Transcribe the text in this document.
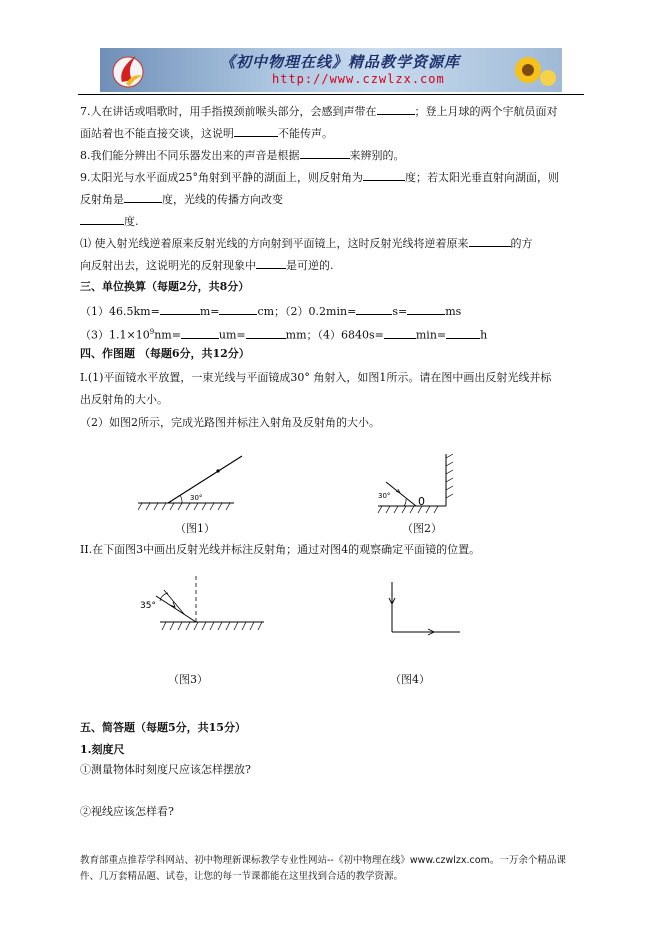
《初中物理在线》精品教学资源库
http://www.czwlzx.com
7.人在讲话或唱歌时，用手指摸颈前喉头部分，会感到声带在	；登上月球的两个宇航员面对
面站着也不能直接交谈，这说明	不能传声。
8.我们能分辨出不同乐器发出来的声音是根据	来辨别的。
9.太阳光与水平面成25°角射到平静的湖面上，则反射角为	度；若太阳光垂直射向湖面，则
反射角是	度，光线的传播方向改变
度.
⑴ 使入射光线逆着原来反射光线的方向射到平面镜上，这时反射光线将逆着原来	的方
向反射出去，这说明光的反射现象中	是可逆的.
三、单位换算（每题2分，共8分）
（1）46.5km=	m=	cm；（2）0.2min=	s=	ms
$(3)1.1\times 10^9nm=$	um=	mm；（4）6840s=	min=	h
四、作图题 （每题6分，共12分）
I.(1)平面镜水平放置，一束光线与平面镜成30° 角射入，如图1所示。请在图中画出反射光线并标
出反射角的大小。
（2）如图2所示，完成光路图并标注入射角及反射角的大小。
30°
（图1）
0
30°
（图2）
II.在下面图3中画出反射光线并标注反射角；通过对图4的观察确定平面镜的位置。
35°
（图3）	（图4）
五、简答题（每题5分，共15分）
1.刻度尺
①测量物体时刻度尺应该怎样摆放?
②视线应该怎样看?
教育部重点推荐学科网站、初中物理新课标教学专业性网站--《初中物理在线》www.czwlzx.com。一万余个精品课
件、几万套精品题、试卷，让您的每一节课都能在这里找到合适的教学资源。
